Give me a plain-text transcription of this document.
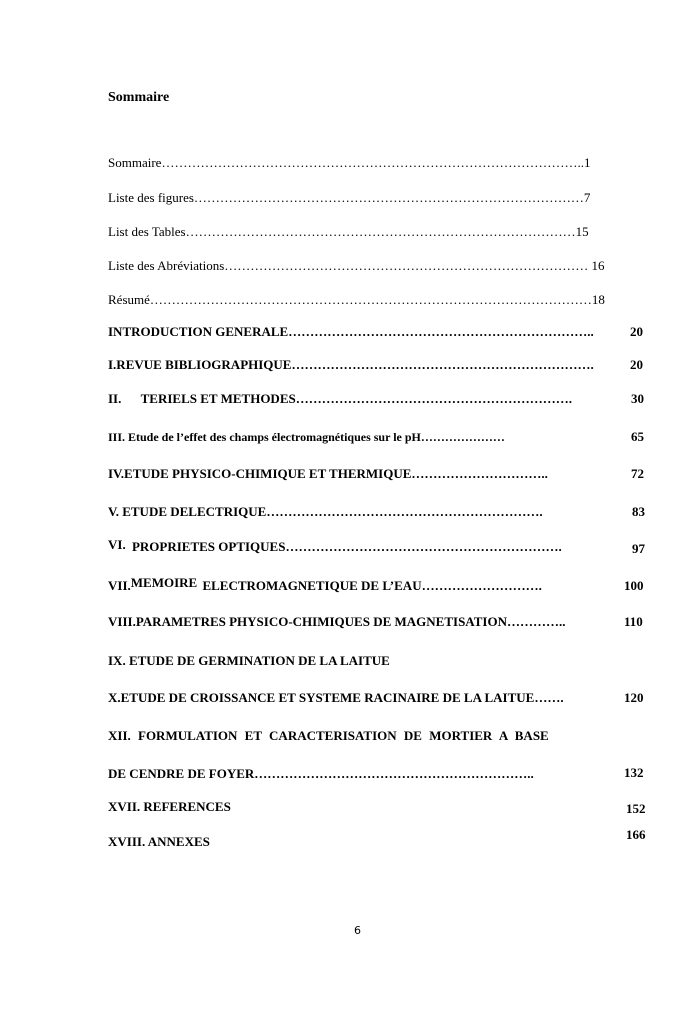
Sommaire
Sommaire……………………………………………………………………………………..1
Liste des figures………………………………………………………………………………7
List des Tables………………………………………………………………………………15
Liste des Abréviations………………………………………………………………………… 16
Résumé…………………………………………………………………………………………18
INTRODUCTION GENERALE……………………………………………………………..	20
I.REVUE BIBLIOGRAPHIQUE…………………………………………………………….	20
II.      TERIELS ET METHODES……………………………………………………….	30
III. Etude de l’effet des champs électromagnétiques sur le pH…………………	65
IV.ETUDE PHYSICO-CHIMIQUE ET THERMIQUE…………………………..	72
V. ETUDE DELECTRIQUE……………………………………………………….	83
VI. PROPRIETES OPTIQUES……………………………………………………….	97
VII.MEMOIRE ELECTROMAGNETIQUE DE L’EAU……………………….	100
VIII.PARAMETRES PHYSICO-CHIMIQUES DE MAGNETISATION…………..	110
IX. ETUDE DE GERMINATION DE LA LAITUE
X.ETUDE DE CROISSANCE ET SYSTEME RACINAIRE DE LA LAITUE…….	120
XII. FORMULATION ET CARACTERISATION DE MORTIER A BASE
DE CENDRE DE FOYER………………………………………………………..	132
XVII. REFERENCES	152
XVIII. ANNEXES	166
6
